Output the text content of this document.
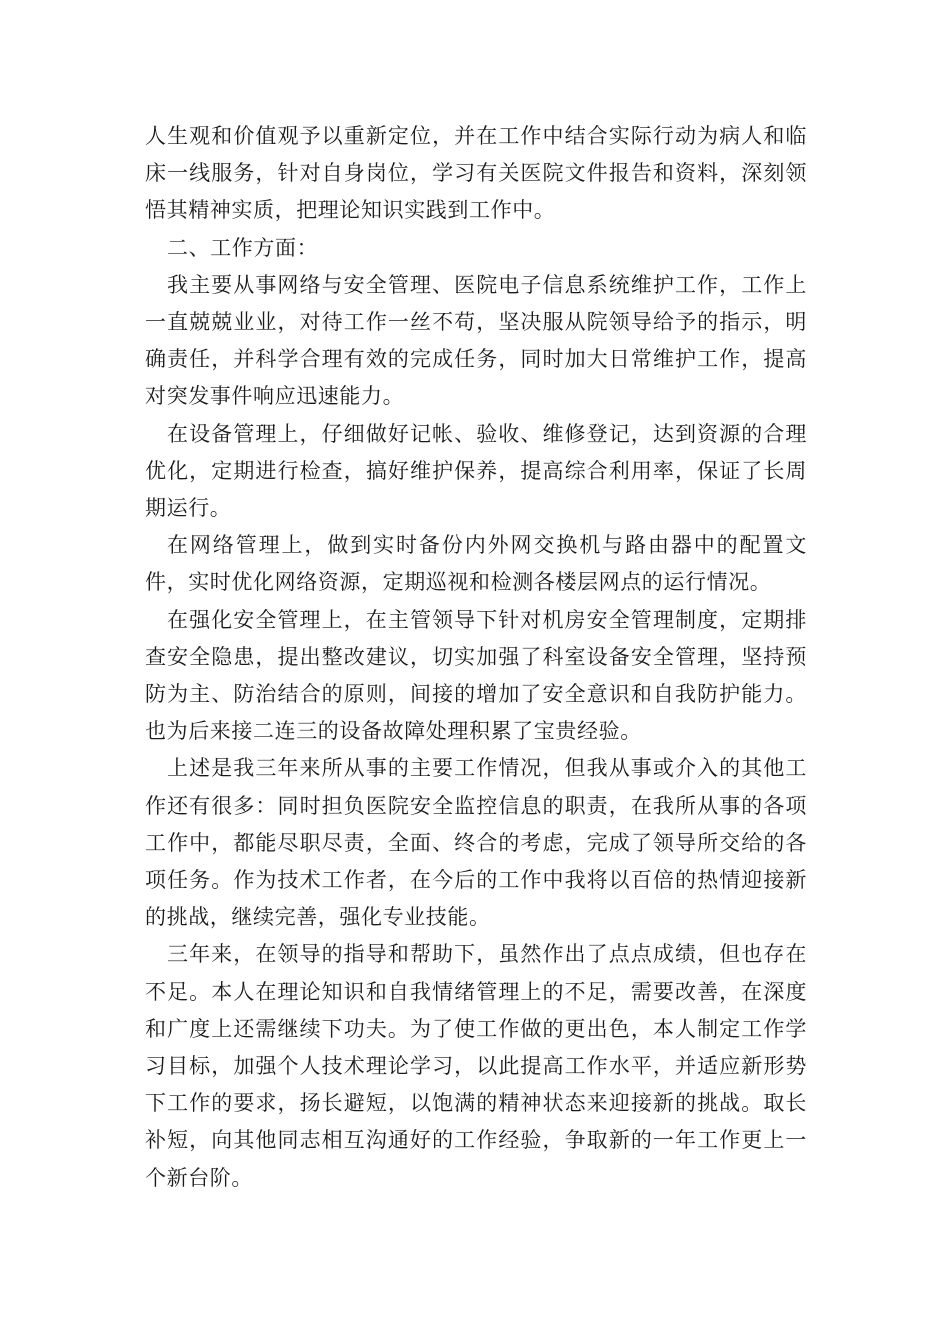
人生观和价值观予以重新定位，并在工作中结合实际行动为病人和临床一线服务，针对自身岗位，学习有关医院文件报告和资料，深刻领悟其精神实质，把理论知识实践到工作中。

二、工作方面：

我主要从事网络与安全管理、医院电子信息系统维护工作，工作上一直兢兢业业，对待工作一丝不苟，坚决服从院领导给予的指示，明确责任，并科学合理有效的完成任务，同时加大日常维护工作，提高对突发事件响应迅速能力。

在设备管理上，仔细做好记帐、验收、维修登记，达到资源的合理优化，定期进行检查，搞好维护保养，提高综合利用率，保证了长周期运行。

在网络管理上，做到实时备份内外网交换机与路由器中的配置文件，实时优化网络资源，定期巡视和检测各楼层网点的运行情况。

在强化安全管理上，在主管领导下针对机房安全管理制度，定期排查安全隐患，提出整改建议，切实加强了科室设备安全管理，坚持预防为主、防治结合的原则，间接的增加了安全意识和自我防护能力。也为后来接二连三的设备故障处理积累了宝贵经验。

上述是我三年来所从事的主要工作情况，但我从事或介入的其他工作还有很多：同时担负医院安全监控信息的职责，在我所从事的各项工作中，都能尽职尽责，全面、终合的考虑，完成了领导所交给的各项任务。作为技术工作者，在今后的工作中我将以百倍的热情迎接新的挑战，继续完善，强化专业技能。

三年来，在领导的指导和帮助下，虽然作出了点点成绩，但也存在不足。本人在理论知识和自我情绪管理上的不足，需要改善，在深度和广度上还需继续下功夫。为了使工作做的更出色，本人制定工作学习目标，加强个人技术理论学习，以此提高工作水平，并适应新形势下工作的要求，扬长避短，以饱满的精神状态来迎接新的挑战。取长补短，向其他同志相互沟通好的工作经验，争取新的一年工作更上一个新台阶。
